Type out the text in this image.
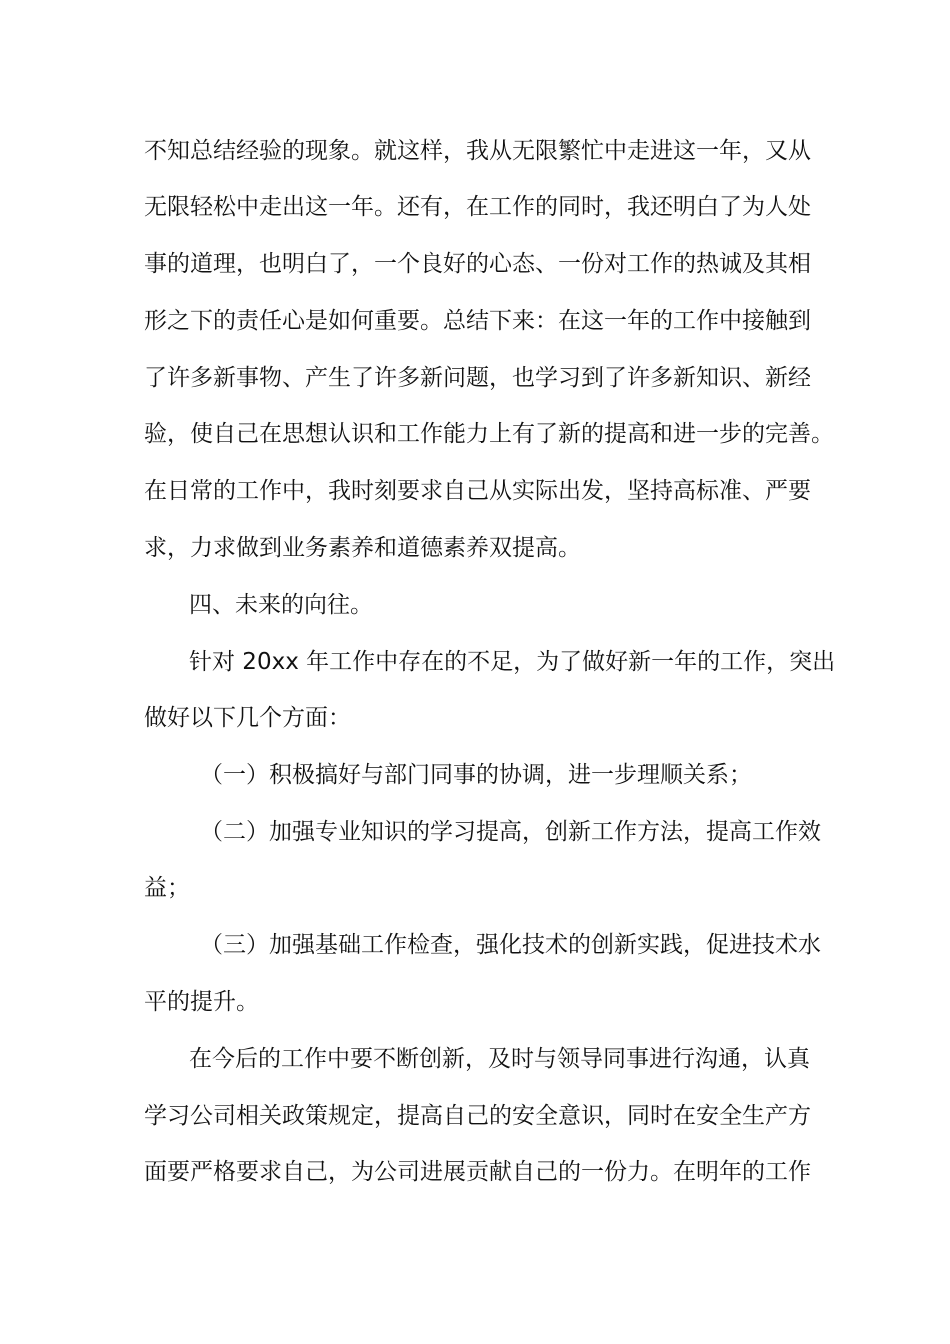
不知总结经验的现象。就这样，我从无限繁忙中走进这一年，又从
无限轻松中走出这一年。还有，在工作的同时，我还明白了为人处
事的道理，也明白了，一个良好的心态、一份对工作的热诚及其相
形之下的责任心是如何重要。总结下来：在这一年的工作中接触到
了许多新事物、产生了许多新问题，也学习到了许多新知识、新经
验，使自己在思想认识和工作能力上有了新的提高和进一步的完善。
在日常的工作中，我时刻要求自己从实际出发，坚持高标准、严要
求，力求做到业务素养和道德素养双提高。
四、未来的向往。
针对 20xx 年工作中存在的不足，为了做好新一年的工作，突出
做好以下几个方面：
（一）积极搞好与部门同事的协调，进一步理顺关系；
（二）加强专业知识的学习提高，创新工作方法，提高工作效
益；
（三）加强基础工作检查，强化技术的创新实践，促进技术水
平的提升。
在今后的工作中要不断创新，及时与领导同事进行沟通，认真
学习公司相关政策规定，提高自己的安全意识，同时在安全生产方
面要严格要求自己，为公司进展贡献自己的一份力。在明年的工作
